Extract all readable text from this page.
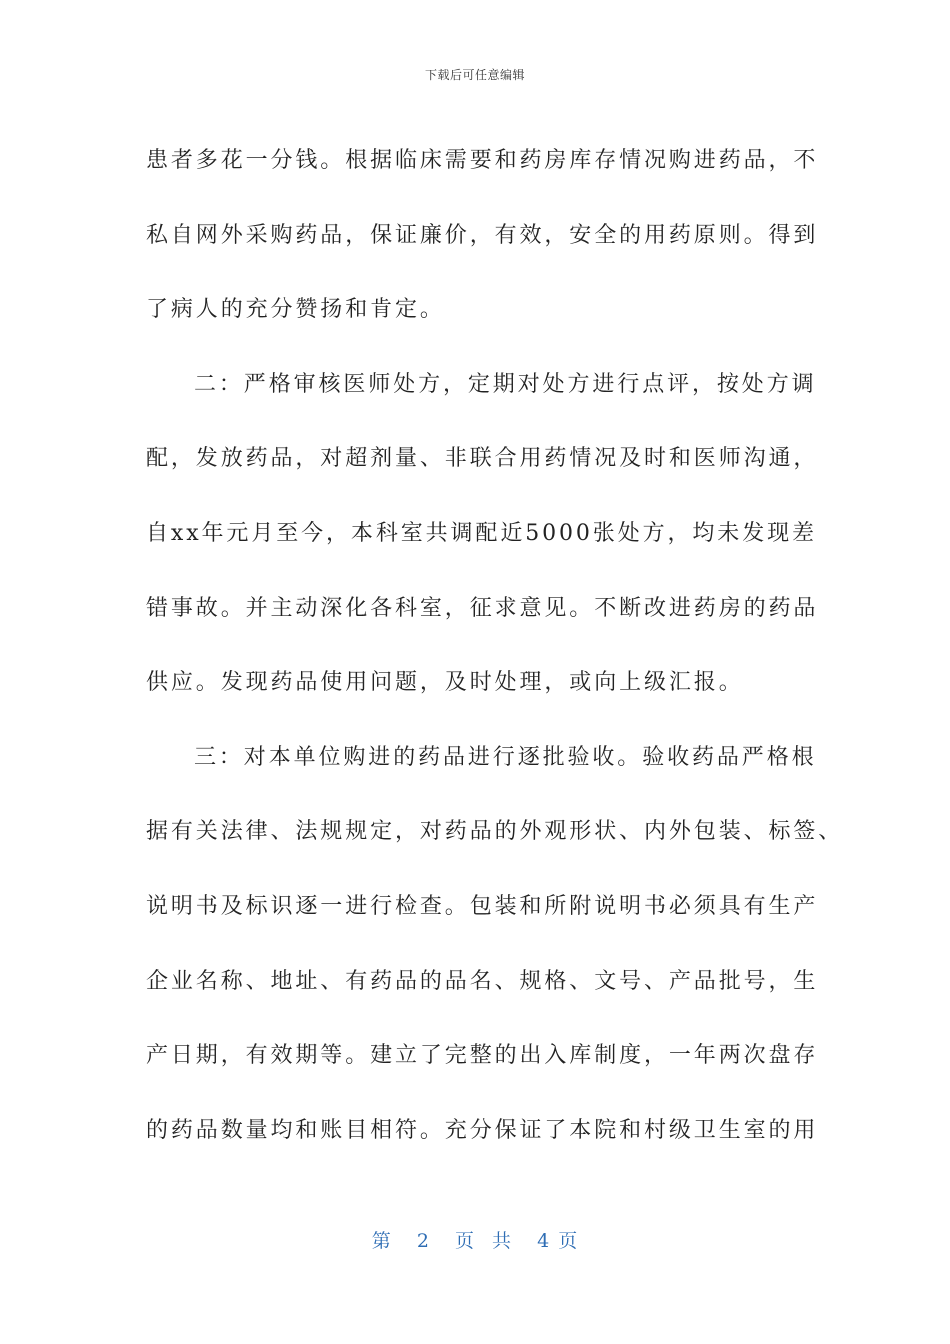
下载后可任意编辑
患者多花一分钱。根据临床需要和药房库存情况购进药品，不
私自网外采购药品，保证廉价，有效，安全的用药原则。得到
了病人的充分赞扬和肯定。
二：严格审核医师处方，定期对处方进行点评，按处方调
配，发放药品，对超剂量、非联合用药情况及时和医师沟通，
自xx年元月至今，本科室共调配近5000张处方，均未发现差
错事故。并主动深化各科室，征求意见。不断改进药房的药品
供应。发现药品使用问题，及时处理，或向上级汇报。
三：对本单位购进的药品进行逐批验收。验收药品严格根
据有关法律、法规规定，对药品的外观形状、内外包装、标签、
说明书及标识逐一进行检查。包装和所附说明书必须具有生产
企业名称、地址、有药品的品名、规格、文号、产品批号，生
产日期，有效期等。建立了完整的出入库制度，一年两次盘存
的药品数量均和账目相符。充分保证了本院和村级卫生室的用
第 2 页 共 4 页
